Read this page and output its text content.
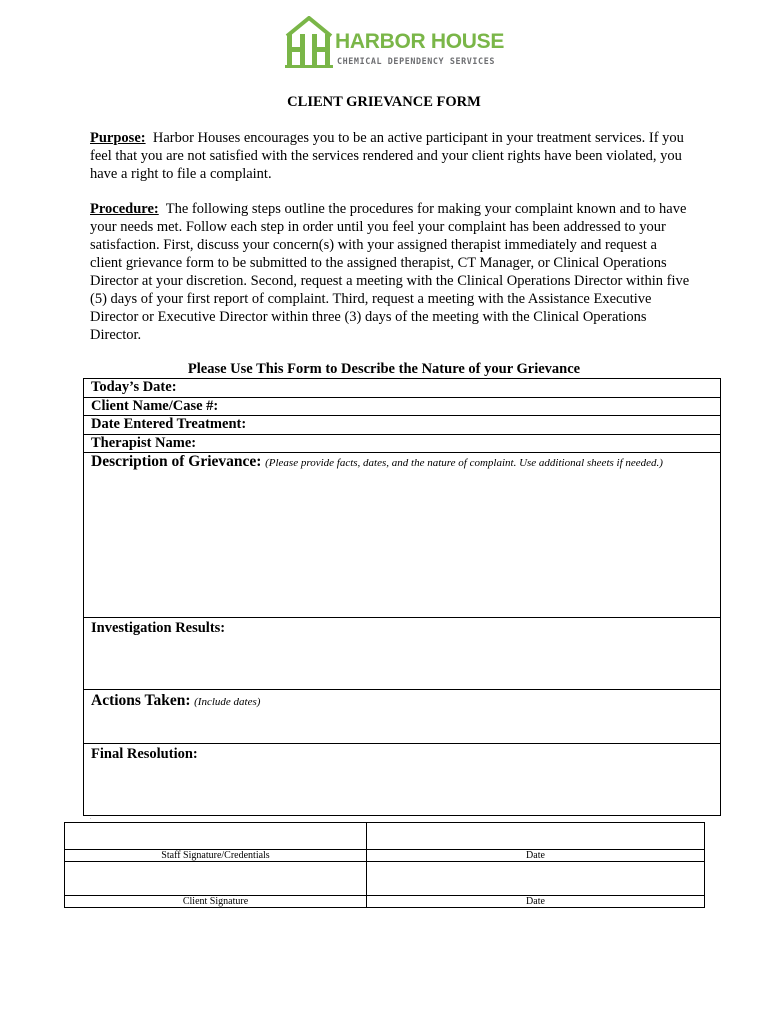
HARBOR HOUSE
CHEMICAL DEPENDENCY SERVICES
CLIENT GRIEVANCE FORM
Purpose: Harbor Houses encourages you to be an active participant in your treatment services. If you feel that you are not satisfied with the services rendered and your client rights have been violated, you have a right to file a complaint.
Procedure: The following steps outline the procedures for making your complaint known and to have your needs met. Follow each step in order until you feel your complaint has been addressed to your satisfaction. First, discuss your concern(s) with your assigned therapist immediately and request a client grievance form to be submitted to the assigned therapist, CT Manager, or Clinical Operations Director at your discretion. Second, request a meeting with the Clinical Operations Director within five (5) days of your first report of complaint. Third, request a meeting with the Assistance Executive Director or Executive Director within three (3) days of the meeting with the Clinical Operations Director.
Please Use This Form to Describe the Nature of your Grievance
Today’s Date:
Client Name/Case #:
Date Entered Treatment:
Therapist Name:
Description of Grievance: (Please provide facts, dates, and the nature of complaint. Use additional sheets if needed.)
Investigation Results:
Actions Taken: (Include dates)
Final Resolution:
.

Staff Signature/Credentials	Date

Client Signature	Date
